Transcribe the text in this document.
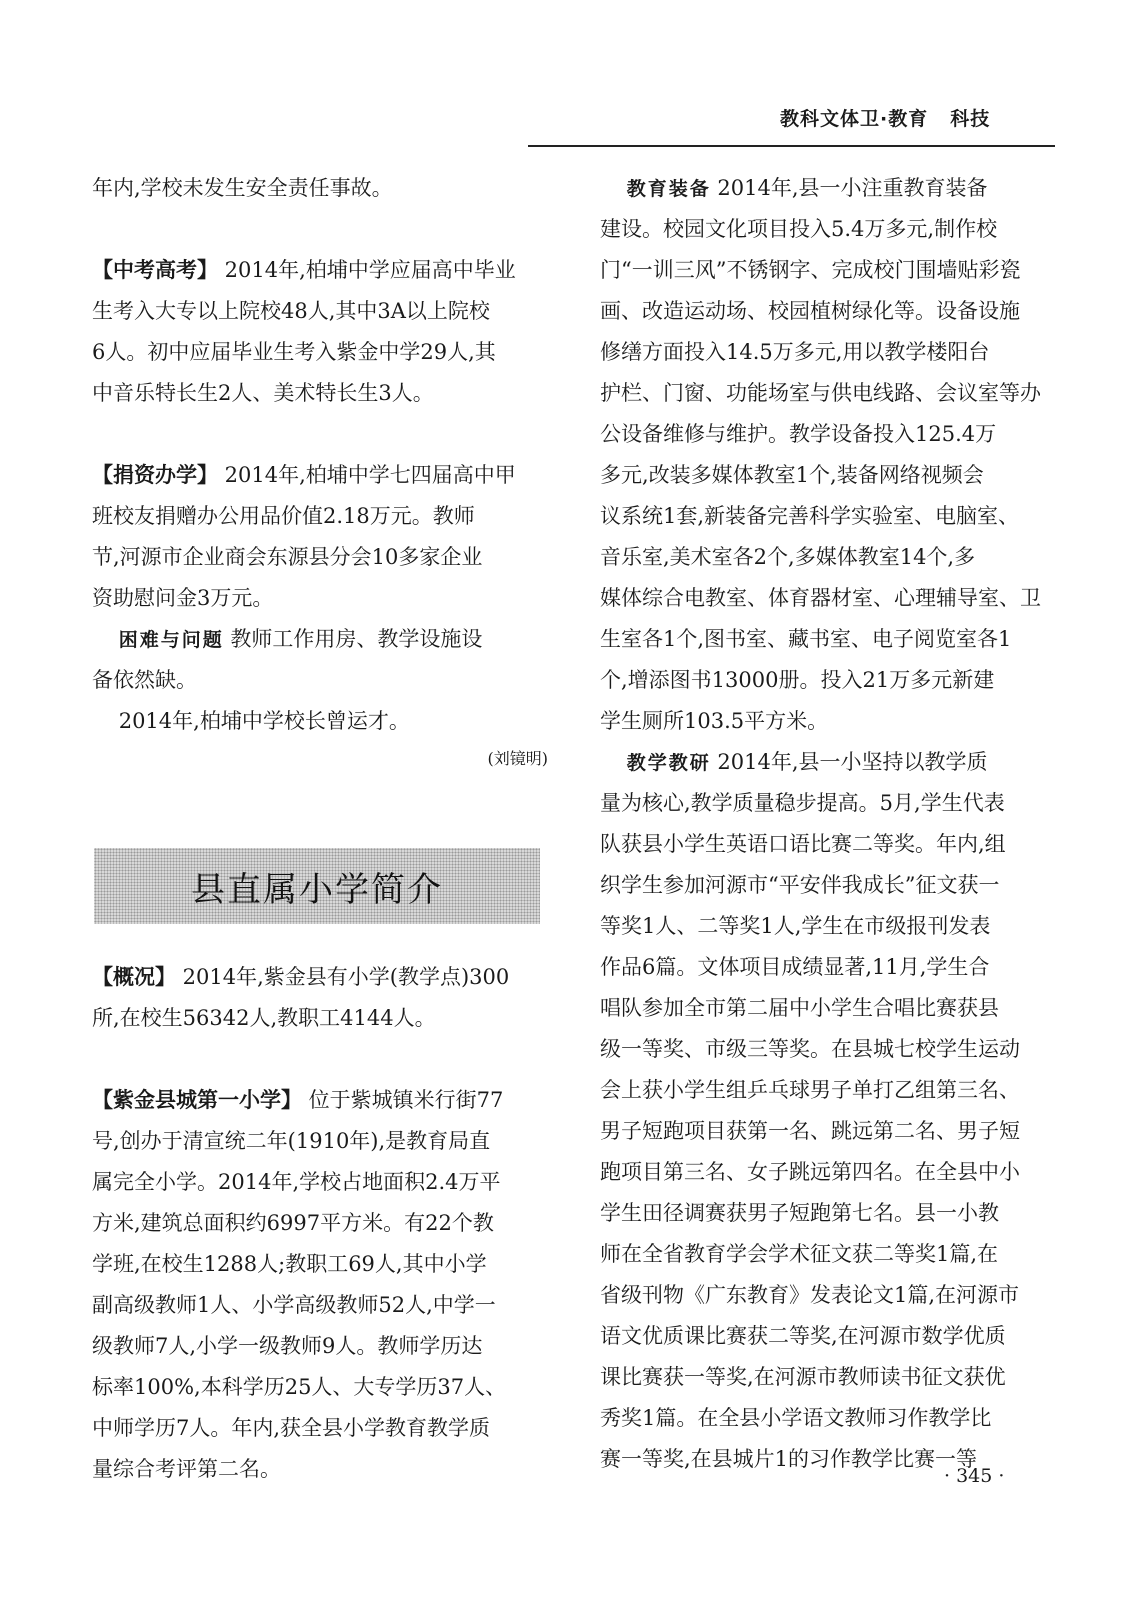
教科文体卫·教育 科技
年内,学校未发生安全责任事故。
【中考高考】 2014年,柏埔中学应届高中毕业
生考入大专以上院校48人,其中3A以上院校
6人。初中应届毕业生考入紫金中学29人,其
中音乐特长生2人、美术特长生3人。
【捐资办学】 2014年,柏埔中学七四届高中甲
班校友捐赠办公用品价值2.18万元。教师
节,河源市企业商会东源县分会10多家企业
资助慰问金3万元。
困难与问题 教师工作用房、教学设施设
备依然缺。
2014年,柏埔中学校长曾运才。
(刘镜明)
县直属小学简介
【概况】 2014年,紫金县有小学(教学点)300
所,在校生56342人,教职工4144人。
【紫金县城第一小学】 位于紫城镇米行街77
号,创办于清宣统二年(1910年),是教育局直
属完全小学。2014年,学校占地面积2.4万平
方米,建筑总面积约6997平方米。有22个教
学班,在校生1288人;教职工69人,其中小学
副高级教师1人、小学高级教师52人,中学一
级教师7人,小学一级教师9人。教师学历达
标率100%,本科学历25人、大专学历37人、
中师学历7人。年内,获全县小学教育教学质
量综合考评第二名。
教育装备 2014年,县一小注重教育装备
建设。校园文化项目投入5.4万多元,制作校
门“一训三风”不锈钢字、完成校门围墙贴彩瓷
画、改造运动场、校园植树绿化等。设备设施
修缮方面投入14.5万多元,用以教学楼阳台
护栏、门窗、功能场室与供电线路、会议室等办
公设备维修与维护。教学设备投入125.4万
多元,改装多媒体教室1个,装备网络视频会
议系统1套,新装备完善科学实验室、电脑室、
音乐室,美术室各2个,多媒体教室14个,多
媒体综合电教室、体育器材室、心理辅导室、卫
生室各1个,图书室、藏书室、电子阅览室各1
个,增添图书13000册。投入21万多元新建
学生厕所103.5平方米。
教学教研 2014年,县一小坚持以教学质
量为核心,教学质量稳步提高。5月,学生代表
队获县小学生英语口语比赛二等奖。年内,组
织学生参加河源市“平安伴我成长”征文获一
等奖1人、二等奖1人,学生在市级报刊发表
作品6篇。文体项目成绩显著,11月,学生合
唱队参加全市第二届中小学生合唱比赛获县
级一等奖、市级三等奖。在县城七校学生运动
会上获小学生组乒乓球男子单打乙组第三名、
男子短跑项目获第一名、跳远第二名、男子短
跑项目第三名、女子跳远第四名。在全县中小
学生田径调赛获男子短跑第七名。县一小教
师在全省教育学会学术征文获二等奖1篇,在
省级刊物《广东教育》发表论文1篇,在河源市
语文优质课比赛获二等奖,在河源市数学优质
课比赛获一等奖,在河源市教师读书征文获优
秀奖1篇。在全县小学语文教师习作教学比
赛一等奖,在县城片1的习作教学比赛一等
· 345 ·
